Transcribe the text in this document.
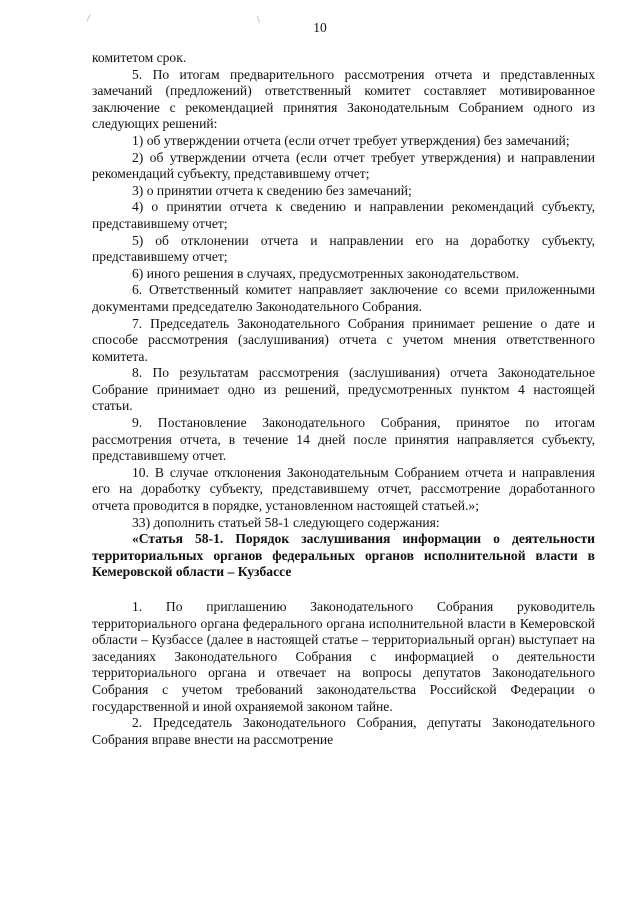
10

комитетом срок.

5. По итогам предварительного рассмотрения отчета и представленных замечаний (предложений) ответственный комитет составляет мотивированное заключение с рекомендацией принятия Законодательным Собранием одного из следующих решений:

1) об утверждении отчета (если отчет требует утверждения) без замечаний;

2) об утверждении отчета (если отчет требует утверждения) и направлении рекомендаций субъекту, представившему отчет;

3) о принятии отчета к сведению без замечаний;

4) о принятии отчета к сведению и направлении рекомендаций субъекту, представившему отчет;

5) об отклонении отчета и направлении его на доработку субъекту, представившему отчет;

6) иного решения в случаях, предусмотренных законодательством.

6. Ответственный комитет направляет заключение со всеми приложенными документами председателю Законодательного Собрания.

7. Председатель Законодательного Собрания принимает решение о дате и способе рассмотрения (заслушивания) отчета с учетом мнения ответственного комитета.

8. По результатам рассмотрения (заслушивания) отчета Законодательное Собрание принимает одно из решений, предусмотренных пунктом 4 настоящей статьи.

9. Постановление Законодательного Собрания, принятое по итогам рассмотрения отчета, в течение 14 дней после принятия направляется субъекту, представившему отчет.

10. В случае отклонения Законодательным Собранием отчета и направления его на доработку субъекту, представившему отчет, рассмотрение доработанного отчета проводится в порядке, установленном настоящей статьей.»;

33) дополнить статьей 58-1 следующего содержания:

«Статья 58-1. Порядок заслушивания информации о деятельности территориальных органов федеральных органов исполнительной власти в Кемеровской области – Кузбассе

1. По приглашению Законодательного Собрания руководитель территориального органа федерального органа исполнительной власти в Кемеровской области – Кузбассе (далее в настоящей статье – территориальный орган) выступает на заседаниях Законодательного Собрания с информацией о деятельности территориального органа и отвечает на вопросы депутатов Законодательного Собрания с учетом требований законодательства Российской Федерации о государственной и иной охраняемой законом тайне.

2. Председатель Законодательного Собрания, депутаты Законодательного Собрания вправе внести на рассмотрение
